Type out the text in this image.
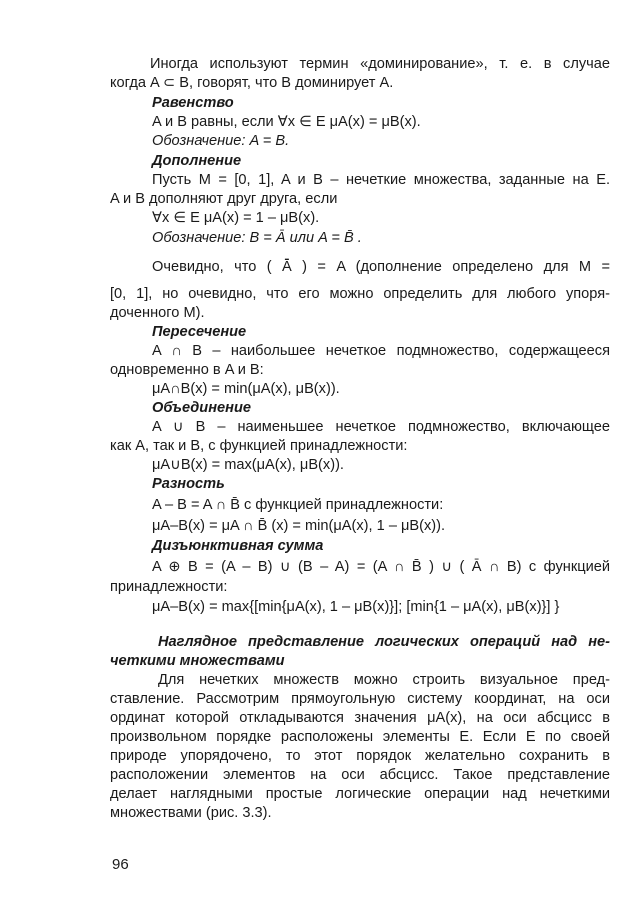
Иногда используют термин «доминирование», т. е. в случае
когда A ⊂ B, говорят, что B доминирует A.
Равенство
A и B равны, если ∀x ∈ E μA(x) = μB(x).
Обозначение: A = B.
Дополнение
Пусть M = [0, 1], A и B – нечеткие множества, заданные на E.
A и B дополняют друг друга, если
∀x ∈ E μA(x) = 1 – μB(x).
Обозначение: B = Ā или A = B̄ .
Очевидно, что ( Ā̄ ) = A (дополнение определено для M =
[0, 1], но очевидно, что его можно определить для любого упоря-
доченного M).
Пересечение
A ∩ B – наибольшее нечеткое подмножество, содержащееся
одновременно в A и B:
μA∩B(x) = min(μA(x), μB(x)).
Объединение
A ∪ B – наименьшее нечеткое подмножество, включающее
как A, так и B, с функцией принадлежности:
μA∪B(x) = max(μA(x), μB(x)).
Разность
A – B = A ∩ B̄ с функцией принадлежности:
μA–B(x) = μA ∩ B̄ (x) = min(μA(x), 1 – μB(x)).
Дизъюнктивная сумма
A ⊕ B = (A – B) ∪ (B – A) = (A ∩ B̄ ) ∪ ( Ā ∩ B) с функцией
принадлежности:
μA–B(x) = max{[min{μA(x), 1 – μB(x)}]; [min{1 – μA(x), μB(x)}] }
Наглядное представление логических операций над не-
четкими множествами
Для нечетких множеств можно строить визуальное пред-
ставление. Рассмотрим прямоугольную систему координат, на оси
ординат которой откладываются значения μA(x), на оси абсцисс в
произвольном порядке расположены элементы E. Если E по своей
природе упорядочено, то этот порядок желательно сохранить в
расположении элементов на оси абсцисс. Такое представление
делает наглядными простые логические операции над нечеткими
множествами (рис. 3.3).
96
